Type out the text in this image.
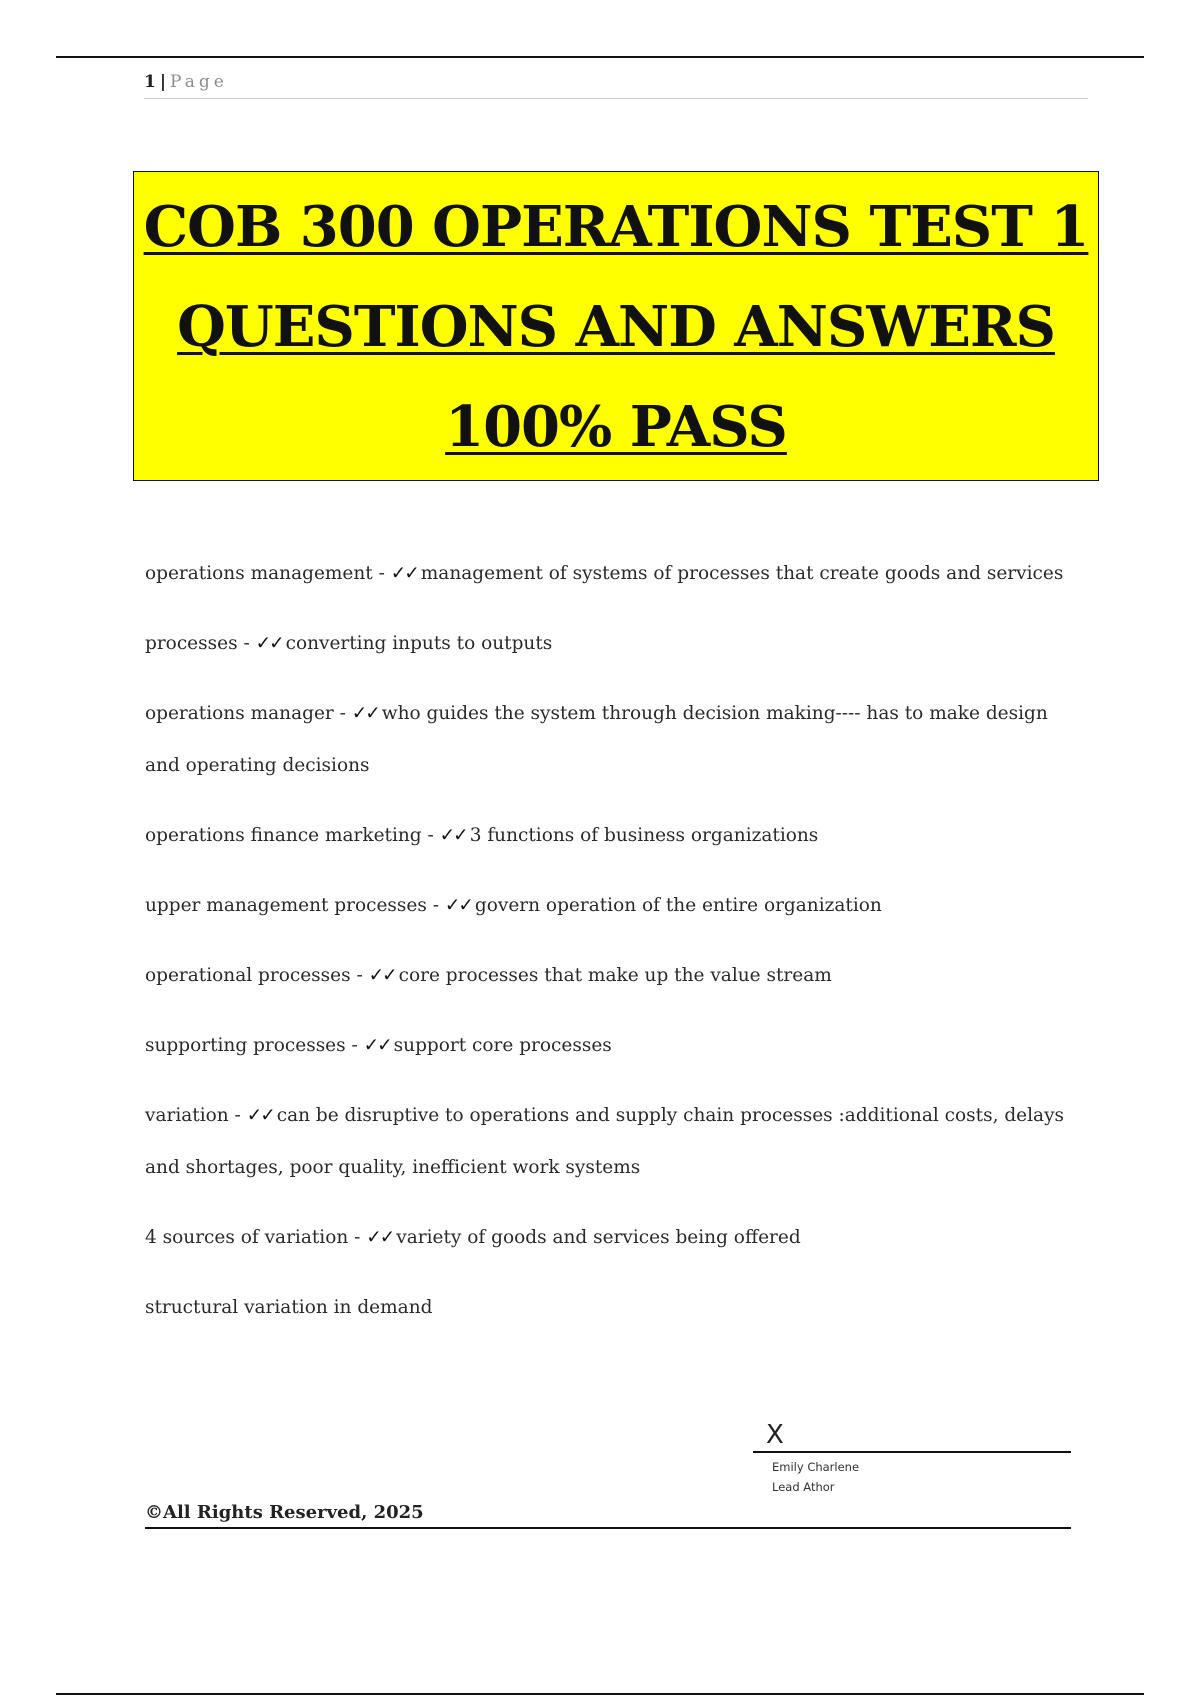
1 | Page
COB 300 OPERATIONS TEST 1
QUESTIONS AND ANSWERS
100% PASS

operations management - ✓✓ management of systems of processes that create goods and services

processes - ✓✓ converting inputs to outputs

operations manager - ✓✓ who guides the system through decision making---- has to make design and operating decisions

operations finance marketing - ✓✓ 3 functions of business organizations

upper management processes - ✓✓ govern operation of the entire organization

operational processes - ✓✓ core processes that make up the value stream

supporting processes - ✓✓ support core processes

variation - ✓✓ can be disruptive to operations and supply chain processes :additional costs, delays and shortages, poor quality, inefficient work systems

4 sources of variation - ✓✓ variety of goods and services being offered

structural variation in demand

X
Emily Charlene
Lead Athor
©All Rights Reserved, 2025
